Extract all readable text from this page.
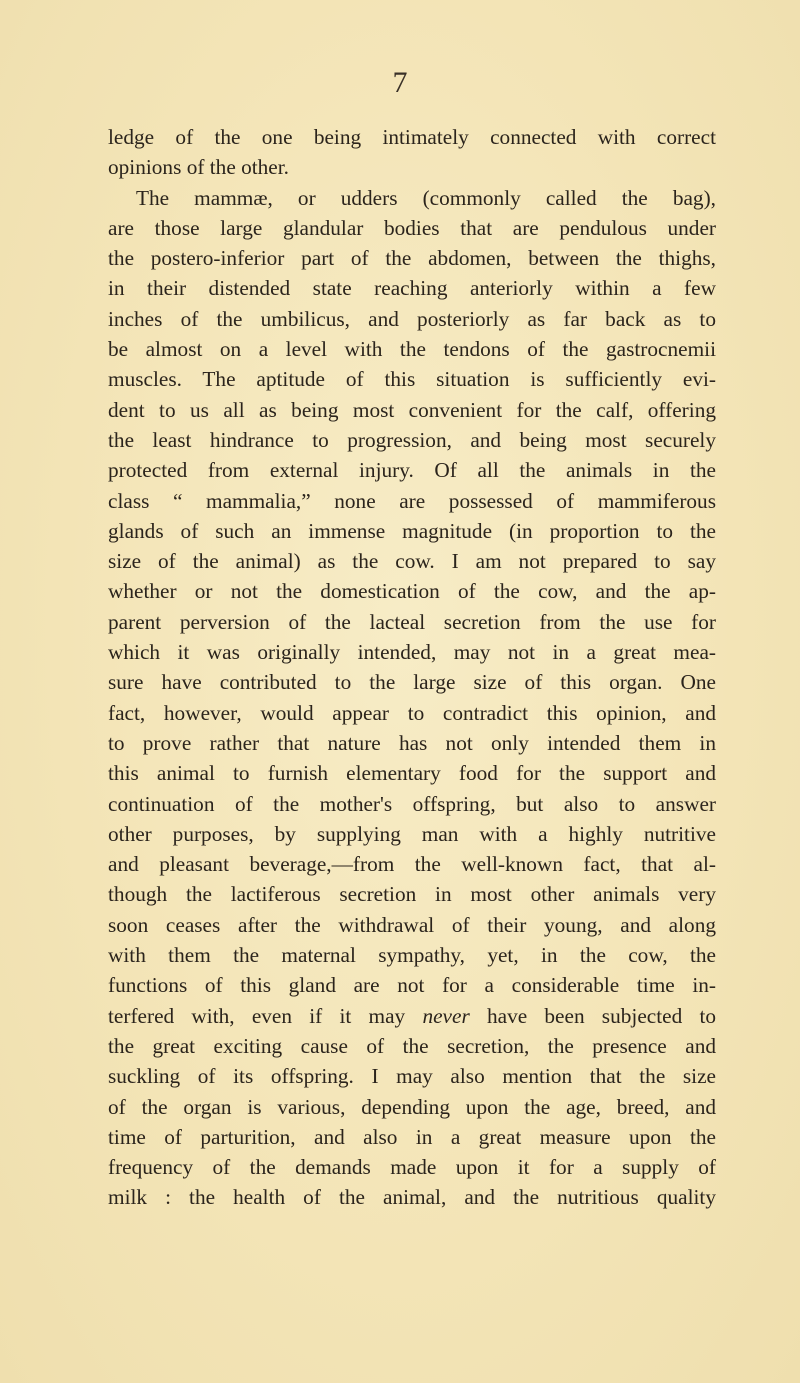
7
ledge of the one being intimately connected with correct
opinions of the other.
The mammæ, or udders (commonly called the bag),
are those large glandular bodies that are pendulous under
the postero-inferior part of the abdomen, between the thighs,
in their distended state reaching anteriorly within a few
inches of the umbilicus, and posteriorly as far back as to
be almost on a level with the tendons of the gastrocnemii
muscles. The aptitude of this situation is sufficiently evi-
dent to us all as being most convenient for the calf, offering
the least hindrance to progression, and being most securely
protected from external injury. Of all the animals in the
class “ mammalia,” none are possessed of mammiferous
glands of such an immense magnitude (in proportion to the
size of the animal) as the cow. I am not prepared to say
whether or not the domestication of the cow, and the ap-
parent perversion of the lacteal secretion from the use for
which it was originally intended, may not in a great mea-
sure have contributed to the large size of this organ. One
fact, however, would appear to contradict this opinion, and
to prove rather that nature has not only intended them in
this animal to furnish elementary food for the support and
continuation of the mother's offspring, but also to answer
other purposes, by supplying man with a highly nutritive
and pleasant beverage,—from the well-known fact, that al-
though the lactiferous secretion in most other animals very
soon ceases after the withdrawal of their young, and along
with them the maternal sympathy, yet, in the cow, the
functions of this gland are not for a considerable time in-
terfered with, even if it may never have been subjected to
the great exciting cause of the secretion, the presence and
suckling of its offspring. I may also mention that the size
of the organ is various, depending upon the age, breed, and
time of parturition, and also in a great measure upon the
frequency of the demands made upon it for a supply of
milk : the health of the animal, and the nutritious quality
